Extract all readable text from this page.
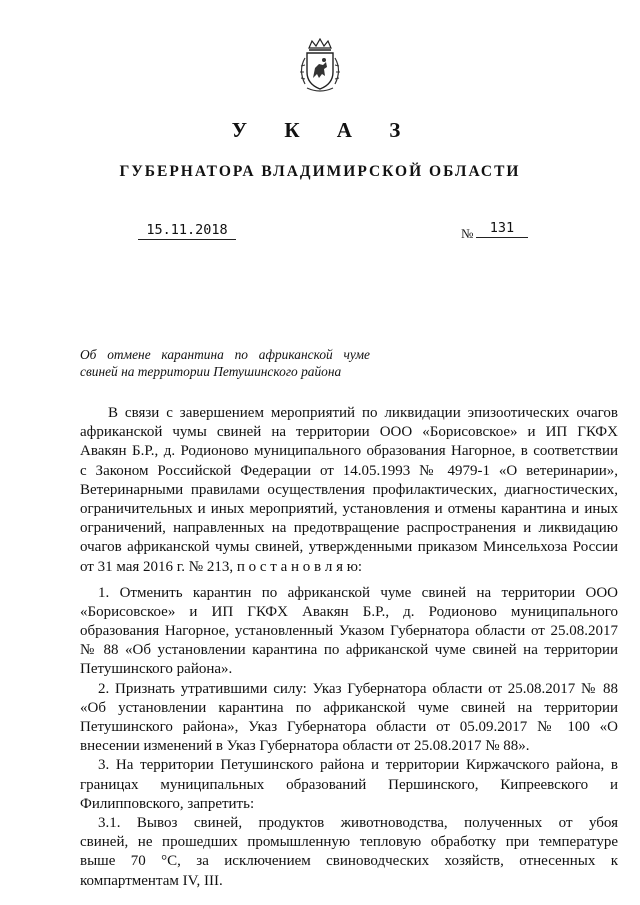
У К А З
ГУБЕРНАТОРА ВЛАДИМИРСКОЙ ОБЛАСТИ
15.11.2018	№	131
Об отмене карантина по африканской чуме
свиней на территории Петушинского района
В связи с завершением мероприятий по ликвидации эпизоотических очагов
африканской чумы свиней на территории ООО «Борисовское» и ИП ГКФХ
Авакян Б.Р., д. Родионово муниципального образования Нагорное, в соответствии
с Законом Российской Федерации от 14.05.1993 № 4979-1 «О ветеринарии»,
Ветеринарными правилами осуществления профилактических, диагностических,
ограничительных и иных мероприятий, установления и отмены карантина и иных
ограничений, направленных на предотвращение распространения и ликвидацию
очагов африканской чумы свиней, утвержденными приказом Минсельхоза России
от 31 мая 2016 г. № 213, п о с т а н о в л я ю:
1. Отменить карантин по африканской чуме свиней на территории ООО
«Борисовское» и ИП ГКФХ Авакян Б.Р., д. Родионово муниципального
образования Нагорное, установленный Указом Губернатора области от 25.08.2017
№ 88 «Об установлении карантина по африканской чуме свиней на территории
Петушинского района».
2. Признать утратившими силу: Указ Губернатора области от 25.08.2017 № 88
«Об установлении карантина по африканской чуме свиней на территории
Петушинского района», Указ Губернатора области от 05.09.2017 № 100 «О
внесении изменений в Указ Губернатора области от 25.08.2017 № 88».
3. На территории Петушинского района и территории Киржачского района, в
границах муниципальных образований Першинского, Кипреевского и
Филипповского, запретить:
3.1. Вывоз свиней, продуктов животноводства, полученных от убоя
свиней, не прошедших промышленную тепловую обработку при температуре
выше 70 °С, за исключением свиноводческих хозяйств, отнесенных к
компартментам IV, III.
